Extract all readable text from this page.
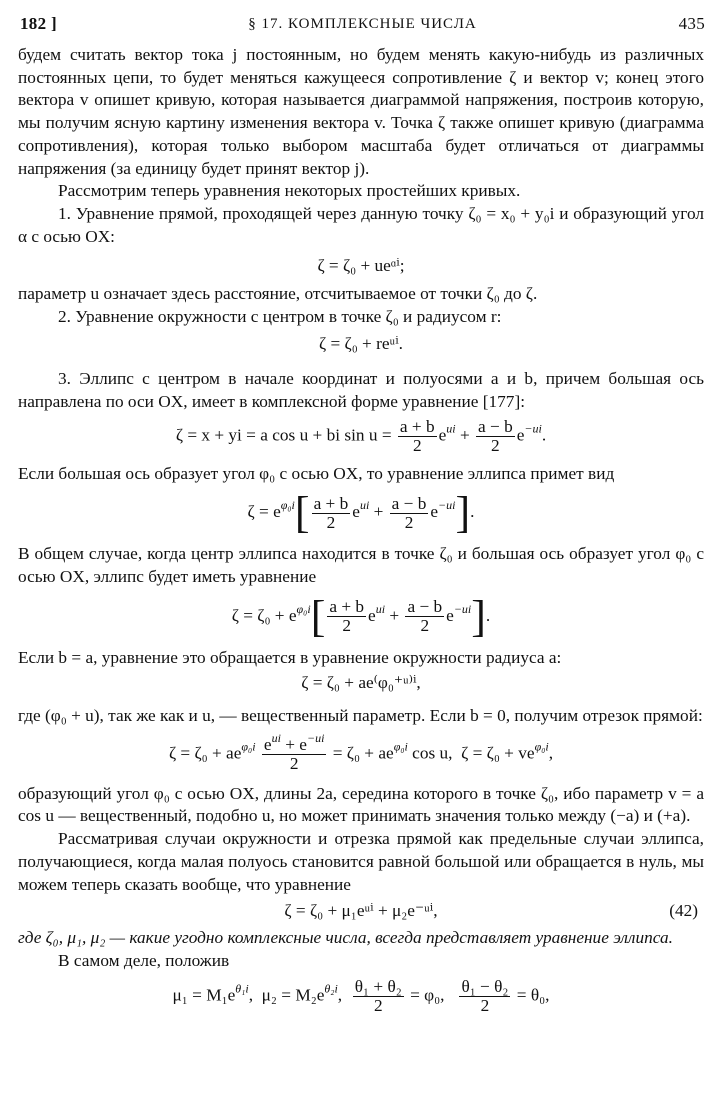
182 ]	§ 17. КОМПЛЕКСНЫЕ ЧИСЛА	435

будем считать вектор тока j постоянным, но будем менять какую-нибудь из различных постоянных цепи, то будет меняться кажущееся сопротивление ζ и вектор v; конец этого вектора v опишет кривую, которая называется диаграммой напряжения, построив которую, мы получим ясную картину изменения вектора v. Точка ζ также опишет кривую (диаграмма сопротивления), которая только выбором масштаба будет отличаться от диаграммы напряжения (за единицу будет принят вектор j).

Рассмотрим теперь уравнения некоторых простейших кривых.

1. Уравнение прямой, проходящей через данную точку ζ₀ = x₀ + y₀i и образующий угол α с осью OX:

ζ = ζ₀ + ueᵅⁱ;

параметр u означает здесь расстояние, отсчитываемое от точки ζ₀ до ζ.

2. Уравнение окружности с центром в точке ζ₀ и радиусом r:

ζ = ζ₀ + reᵘⁱ.

3. Эллипс с центром в начале координат и полуосями a и b, причем большая ось направлена по оси OX, имеет в комплексной форме уравнение [177]:

ζ = x + yi = a cos u + bi $\sin u = \frac{a + b}{2} e^{ui} + \frac{a - b}{2} e^{-ui}$.

Если большая ось образует угол φ₀ с осью OX, то уравнение эллипса примет вид

$\zeta = e^{\varphi_0i}[ \frac{a + b}{2} e^{ui} + \frac{a - b}{2} e^{-ui}]$.

В общем случае, когда центр эллипса находится в точке ζ₀ и большая ось образует угол φ₀ с осью OX, эллипс будет иметь уравнение

$\zeta = \zeta_0 + e^{\varphi_0i}[ \frac{a + b}{2} e^{ui} + \frac{a - b}{2} e^{-ui}]$.

Если b = a, уравнение это обращается в уравнение окружности радиуса a:

ζ = ζ₀ + ae⁽φ₀⁺ᵘ⁾ⁱ,

где (φ₀ + u), так же как и u, — вещественный параметр. Если b = 0, получим отрезок прямой:

$\zeta = \zeta_0 + ae^{\varphi_0i} \frac{e^{ui} + e^{-ui}}{2} = \zeta_0 + ae^{\varphi_0i}$ cos u,  $\zeta = \zeta_0 + ve^{\varphi_0i}$,

образующий угол φ₀ с осью OX, длины 2a, середина которого в точке ζ₀, ибо параметр v = a cos u — вещественный, подобно u, но может принимать значения только между (−a) и (+a).

Рассматривая случаи окружности и отрезка прямой как предельные случаи эллипса, получающиеся, когда малая полуось становится равной большой или обращается в нуль, мы можем теперь сказать вообще, что уравнение

ζ = ζ₀ + μ₁eᵘⁱ + μ₂e⁻ᵘⁱ,	(42)

где ζ₀, μ₁, μ₂ — какие угодно комплексные числа, всегда представляет уравнение эллипса.

В самом деле, положив

$\mu_1 = M_1e^{\theta_1i}$,  $\mu_2 = M_2e^{\theta_2i}$, $\frac{\text{θ₁ + θ₂}}{2} = \varphi_0$, $\frac{\text{θ₁ − θ₂}}{2} = \theta_0$,
